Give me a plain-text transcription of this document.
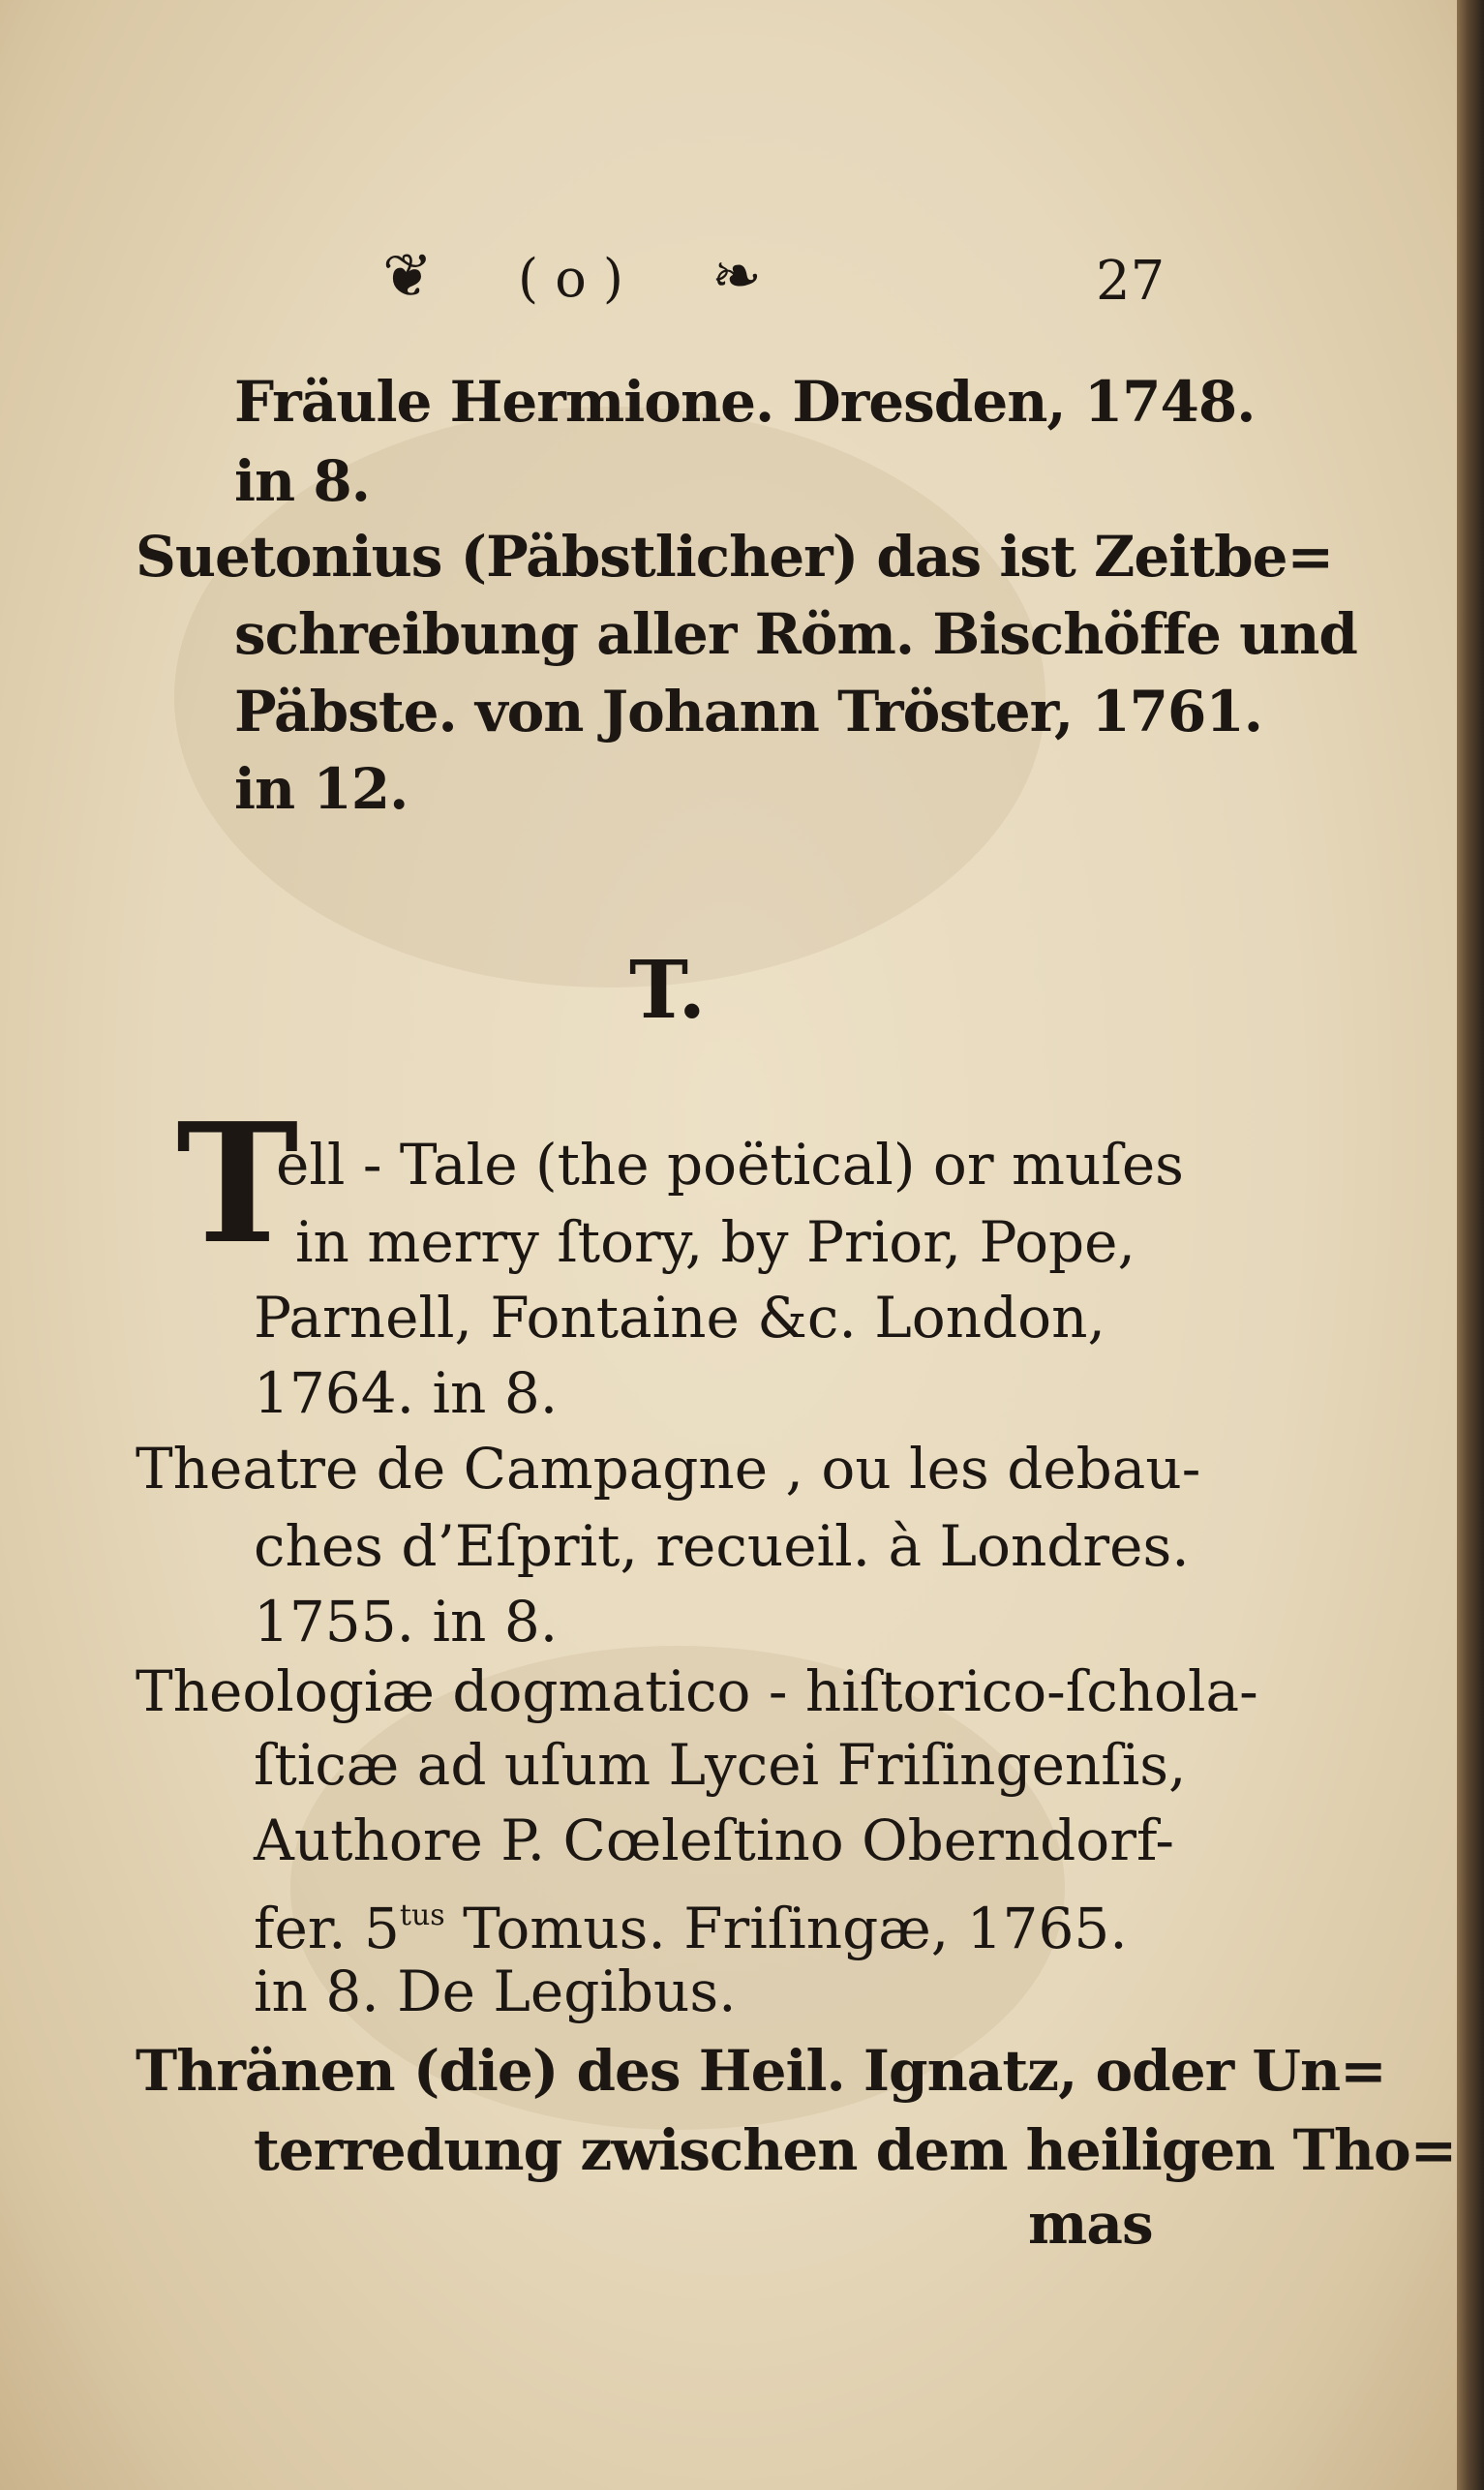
❦ ( o ) ❧	27
Fräule Hermione. Dresden, 1748.
in 8.
Suetonius (Päbstlicher) das ist Zeitbe=
schreibung aller Röm. Bischöffe und
Päbste. von Johann Tröster, 1761.
in 12.
T.
T
ell - Tale (the poëtical) or muſes
in merry ſtory, by Prior, Pope,
Parnell, Fontaine &c. London,
1764. in 8.
Theatre de Campagne , ou les debau-
ches d’Eſprit, recueil. à Londres.
1755. in 8.
Theologiæ dogmatico - hiſtorico-ſchola-
ſticæ ad uſum Lycei Friſingenſis,
Authore P. Cœleſtino Oberndorf-
fer. $5^{tus}$ Tomus. Friſingæ, 1765.
in 8. De Legibus.
Thränen (die) des Heil. Ignatz, oder Un=
terredung zwischen dem heiligen Tho=
mas
